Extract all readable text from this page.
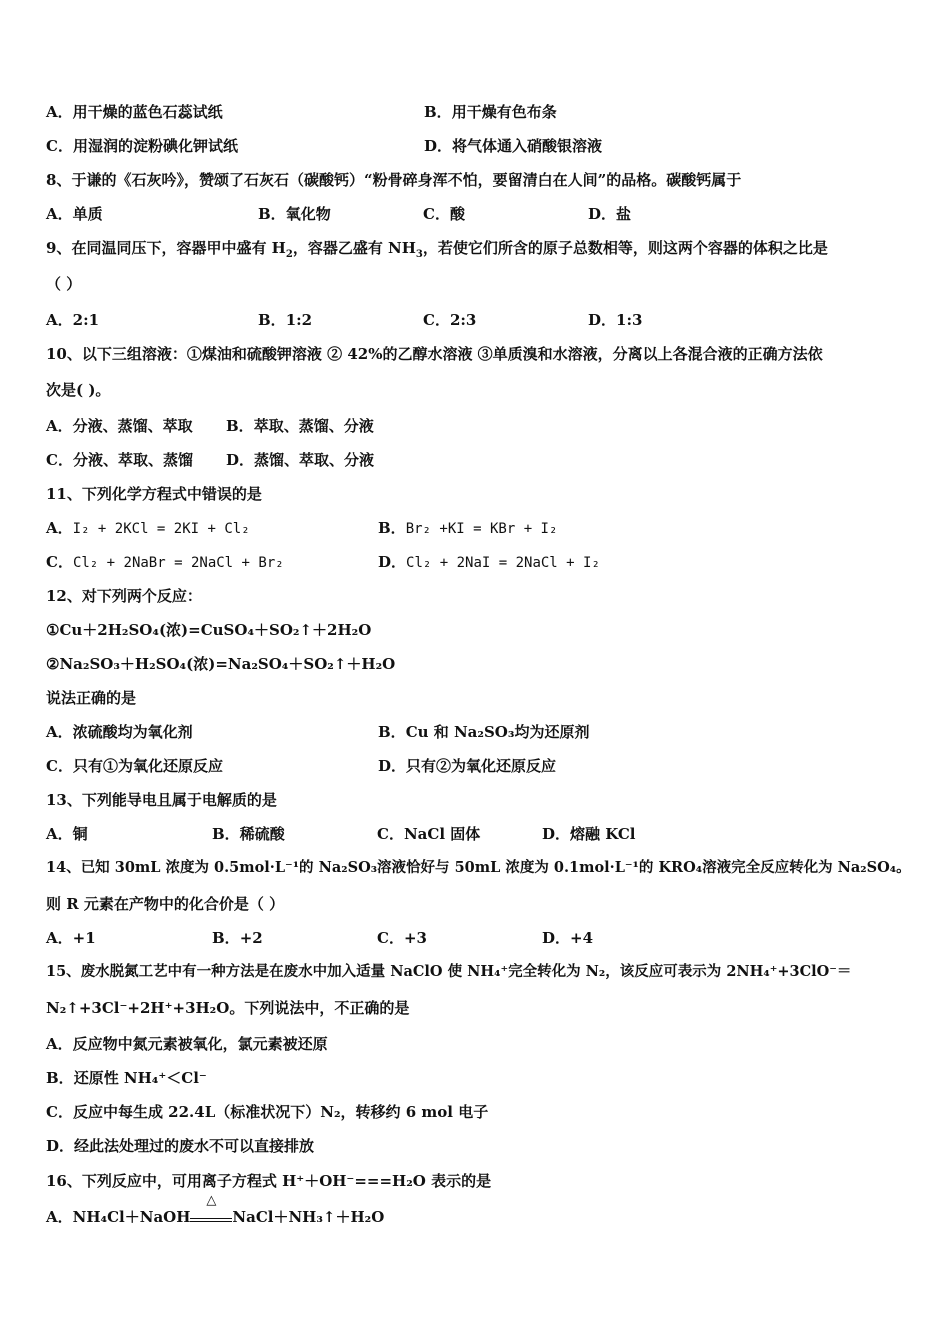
A．用干燥的蓝色石蕊试纸	B．用干燥有色布条
C．用湿润的淀粉碘化钾试纸	D．将气体通入硝酸银溶液
8、于谦的《石灰吟》，赞颂了石灰石（碳酸钙）“粉骨碎身浑不怕，要留清白在人间”的品格。碳酸钙属于
A．单质	B．氧化物	C．酸	D．盐
9、在同温同压下，容器甲中盛有 $H_2$，容器乙盛有 $NH_3$，若使它们所含的原子总数相等，则这两个容器的体积之比是
（ ）
A．2:1	B．1:2	C．2:3	D．1:3
10、以下三组溶液：①煤油和硫酸钾溶液 ② 42%的乙醇水溶液 ③单质溴和水溶液，分离以上各混合液的正确方法依
次是( )。
A．分液、蒸馏、萃取 B．萃取、蒸馏、分液
C．分液、萃取、蒸馏 D．蒸馏、萃取、分液
11、下列化学方程式中错误的是
A．I₂ + 2KCl = 2KI + Cl₂	B．Br₂ +KI = KBr + I₂
C．Cl₂ + 2NaBr = 2NaCl + Br₂	D．Cl₂ + 2NaI = 2NaCl + I₂
12、对下列两个反应：
①Cu＋2H₂SO₄(浓)=CuSO₄＋SO₂↑＋2H₂O
②Na₂SO₃＋H₂SO₄(浓)=Na₂SO₄＋SO₂↑＋H₂O
说法正确的是
A．浓硫酸均为氧化剂	B．Cu 和 Na₂SO₃均为还原剂
C．只有①为氧化还原反应	D．只有②为氧化还原反应
13、下列能导电且属于电解质的是
A．铜	B．稀硫酸	C．NaCl 固体	D．熔融 KCl
14、已知 30mL 浓度为 0.5mol·L⁻¹的 Na₂SO₃溶液恰好与 50mL 浓度为 0.1mol·L⁻¹的 KRO₄溶液完全反应转化为 Na₂SO₄。
则 R 元素在产物中的化合价是（ ）
A．+1	B．+2	C．+3	D．+4
15、废水脱氮工艺中有一种方法是在废水中加入适量 NaClO 使 NH₄⁺完全转化为 N₂，该反应可表示为 2NH₄⁺+3ClO⁻＝
N₂↑+3Cl⁻+2H⁺+3H₂O。下列说法中，不正确的是
A．反应物中氮元素被氧化，氯元素被还原
B．还原性 NH₄⁺＜Cl⁻
C．反应中每生成 22.4L（标准状况下）N₂，转移约 6 mol 电子
D．经此法处理过的废水不可以直接排放
16、下列反应中，可用离子方程式 H⁺＋OH⁻===H₂O 表示的是
A．NH₄Cl＋NaOH
△
NaCl＋NH₃↑＋H₂O
